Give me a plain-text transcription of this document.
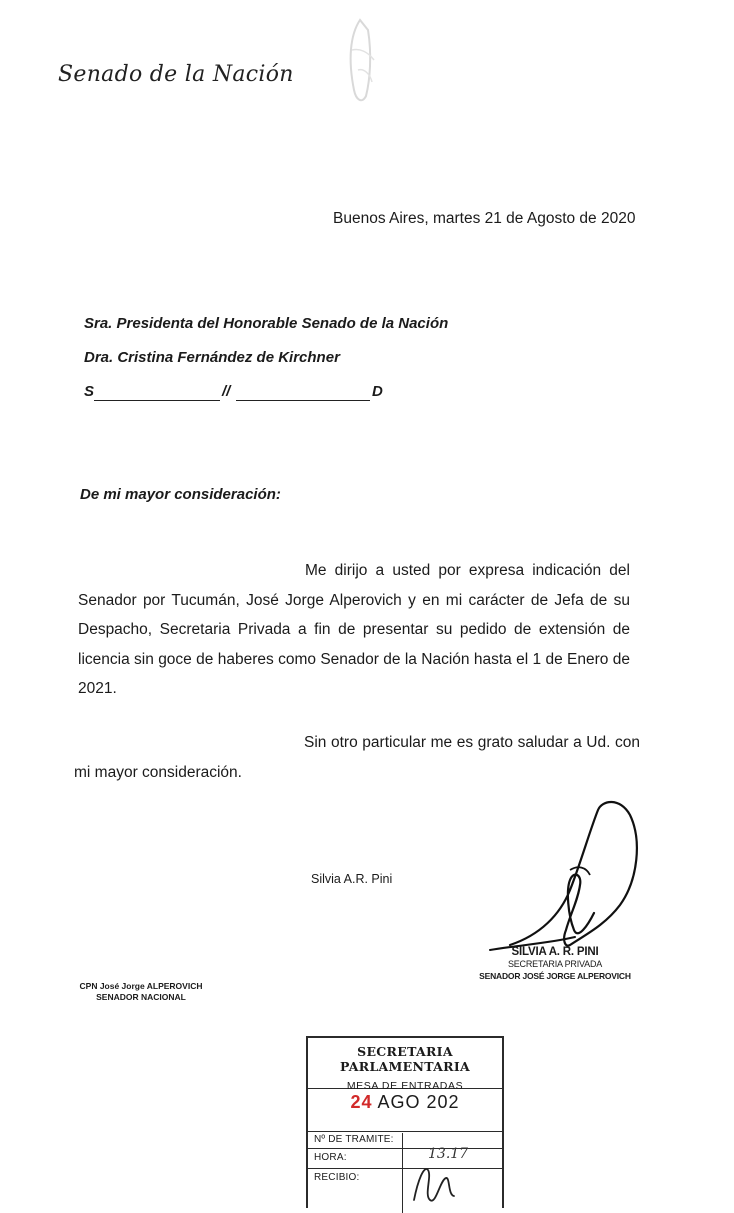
Senado de la Nación
Buenos Aires, martes 21 de Agosto de 2020
Sra. Presidenta del Honorable Senado de la Nación
Dra. Cristina Fernández de Kirchner
S	//	D
De mi mayor consideración:
Me dirijo a usted por expresa indicación del Senador por Tucumán, José Jorge Alperovich y en mi carácter de Jefa de su Despacho, Secretaria Privada a fin de presentar su pedido de extensión de licencia sin goce de haberes como Senador de la Nación hasta el 1 de Enero de 2021.
Sin otro particular me es grato saludar a Ud. con mi mayor consideración.
Silvia A.R. Pini
SILVIA A. R. PINI
SECRETARIA PRIVADA
SENADOR JOSÉ JORGE ALPEROVICH
CPN José Jorge ALPEROVICH
SENADOR NACIONAL
SECRETARIA PARLAMENTARIA
MESA DE ENTRADAS
24 AGO 202
Nº DE TRAMITE:
HORA:	13.17
RECIBIO:
